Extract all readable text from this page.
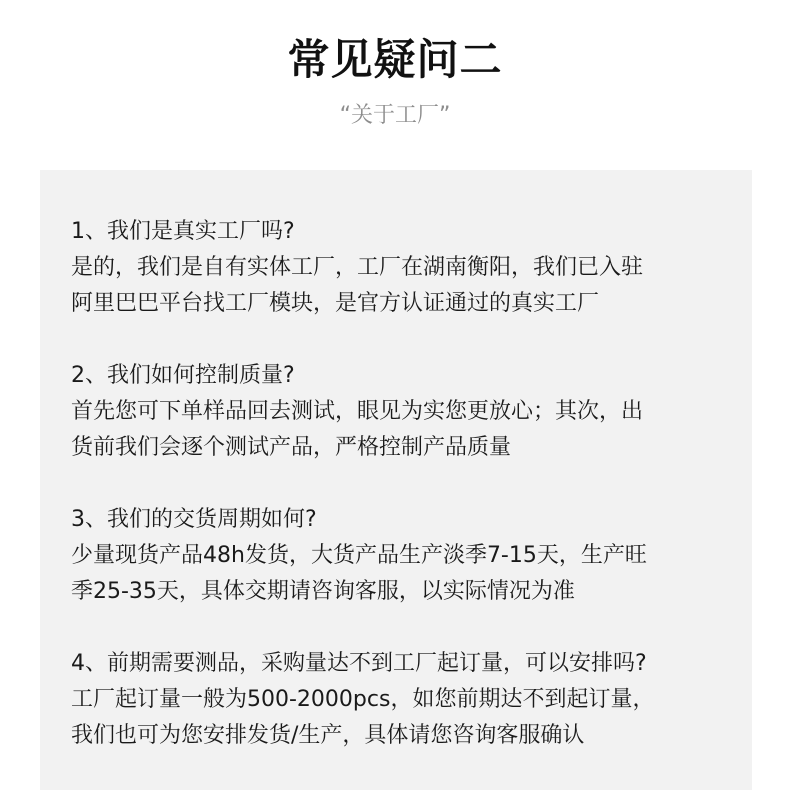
常见疑问二
“关于工厂”
1、我们是真实工厂吗?
是的，我们是自有实体工厂，工厂在湖南衡阳，我们已入驻
阿里巴巴平台找工厂模块，是官方认证通过的真实工厂
2、我们如何控制质量?
首先您可下单样品回去测试，眼见为实您更放心；其次，出
货前我们会逐个测试产品，严格控制产品质量
3、我们的交货周期如何?
少量现货产品48h发货，大货产品生产淡季7-15天，生产旺
季25-35天，具体交期请咨询客服，以实际情况为准
4、前期需要测品，采购量达不到工厂起订量，可以安排吗?
工厂起订量一般为500-2000pcs，如您前期达不到起订量，
我们也可为您安排发货/生产，具体请您咨询客服确认
